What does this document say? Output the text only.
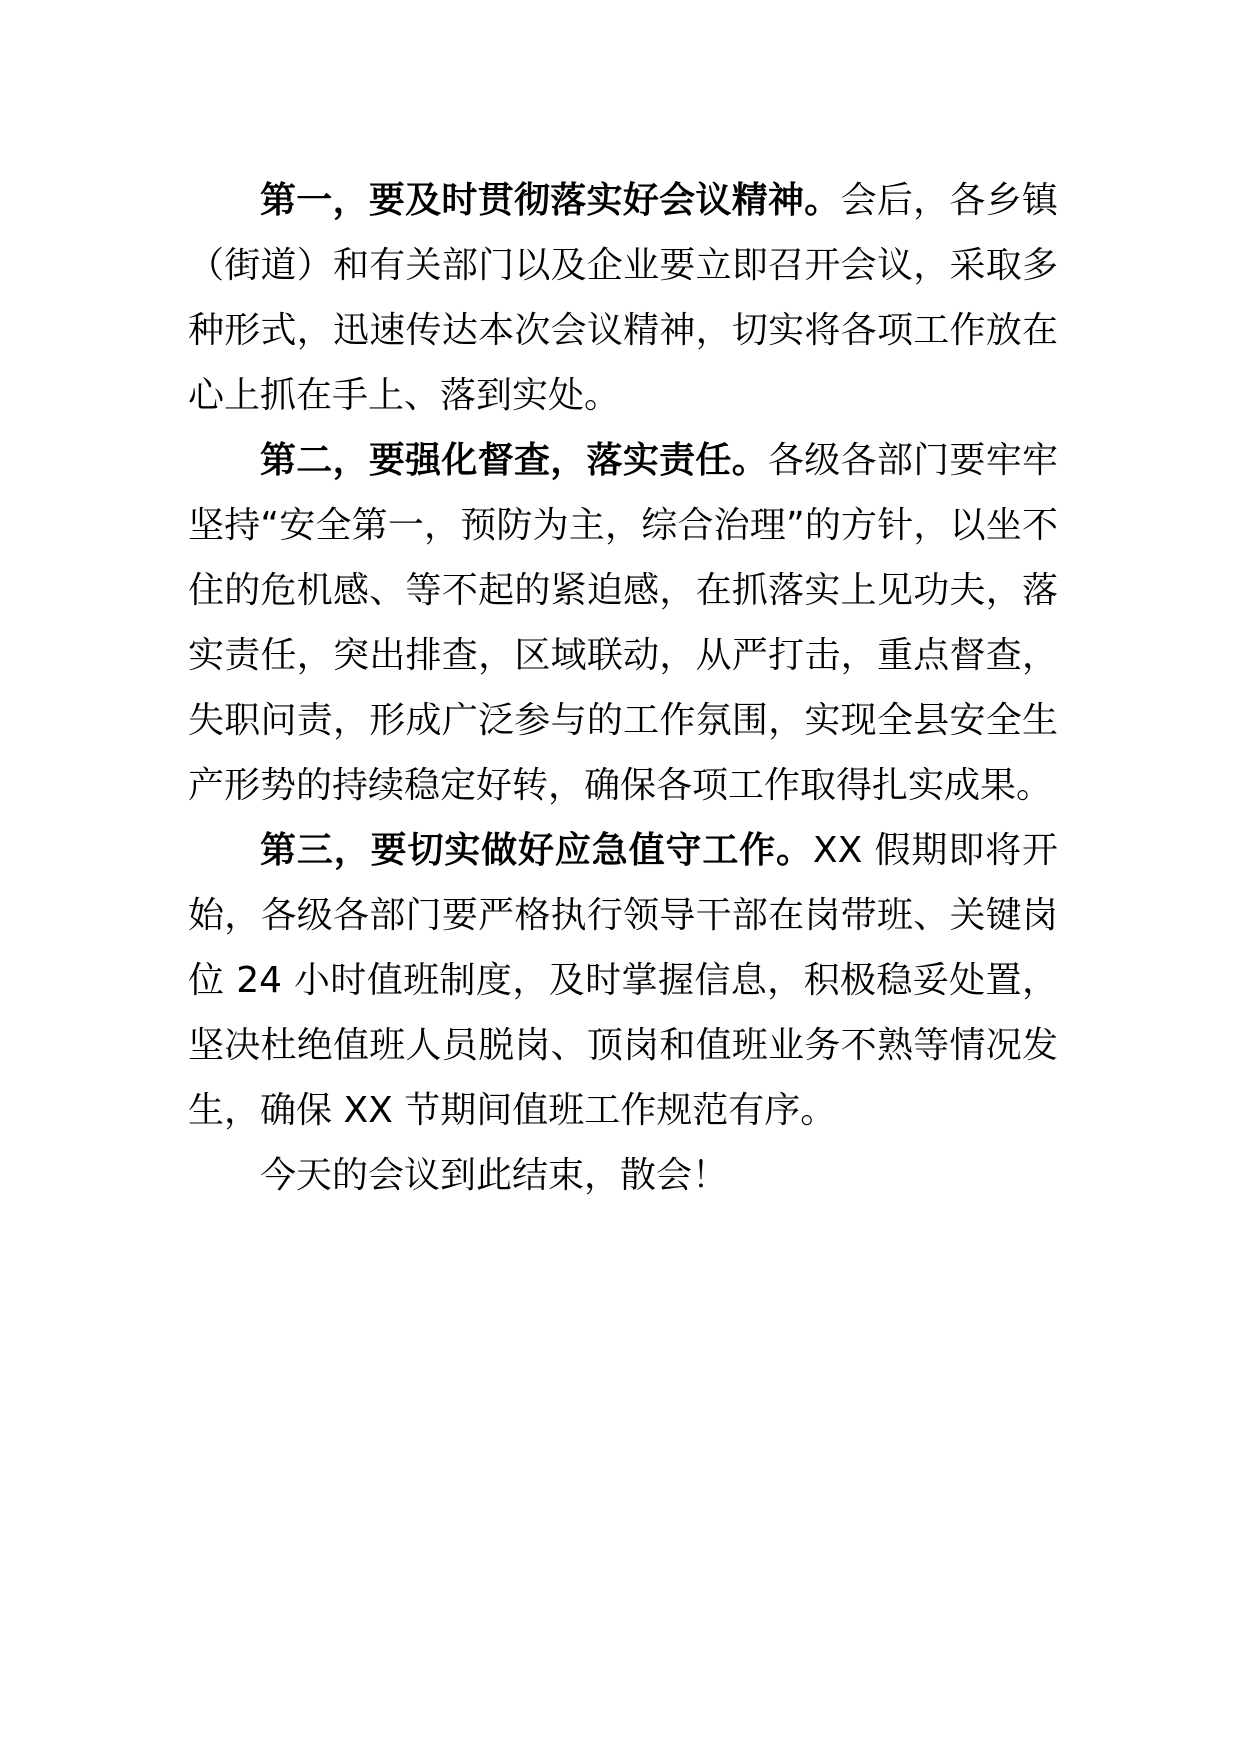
第一，要及时贯彻落实好会议精神。会后，各乡镇（街道）和有关部门以及企业要立即召开会议，采取多种形式，迅速传达本次会议精神，切实将各项工作放在心上抓在手上、落到实处。

第二，要强化督查，落实责任。各级各部门要牢牢坚持“安全第一，预防为主，综合治理”的方针，以坐不住的危机感、等不起的紧迫感，在抓落实上见功夫，落实责任，突出排查，区域联动，从严打击，重点督查，失职问责，形成广泛参与的工作氛围，实现全县安全生产形势的持续稳定好转，确保各项工作取得扎实成果。

第三，要切实做好应急值守工作。XX 假期即将开始，各级各部门要严格执行领导干部在岗带班、关键岗位 24 小时值班制度，及时掌握信息，积极稳妥处置，坚决杜绝值班人员脱岗、顶岗和值班业务不熟等情况发生，确保 XX 节期间值班工作规范有序。

今天的会议到此结束，散会！
